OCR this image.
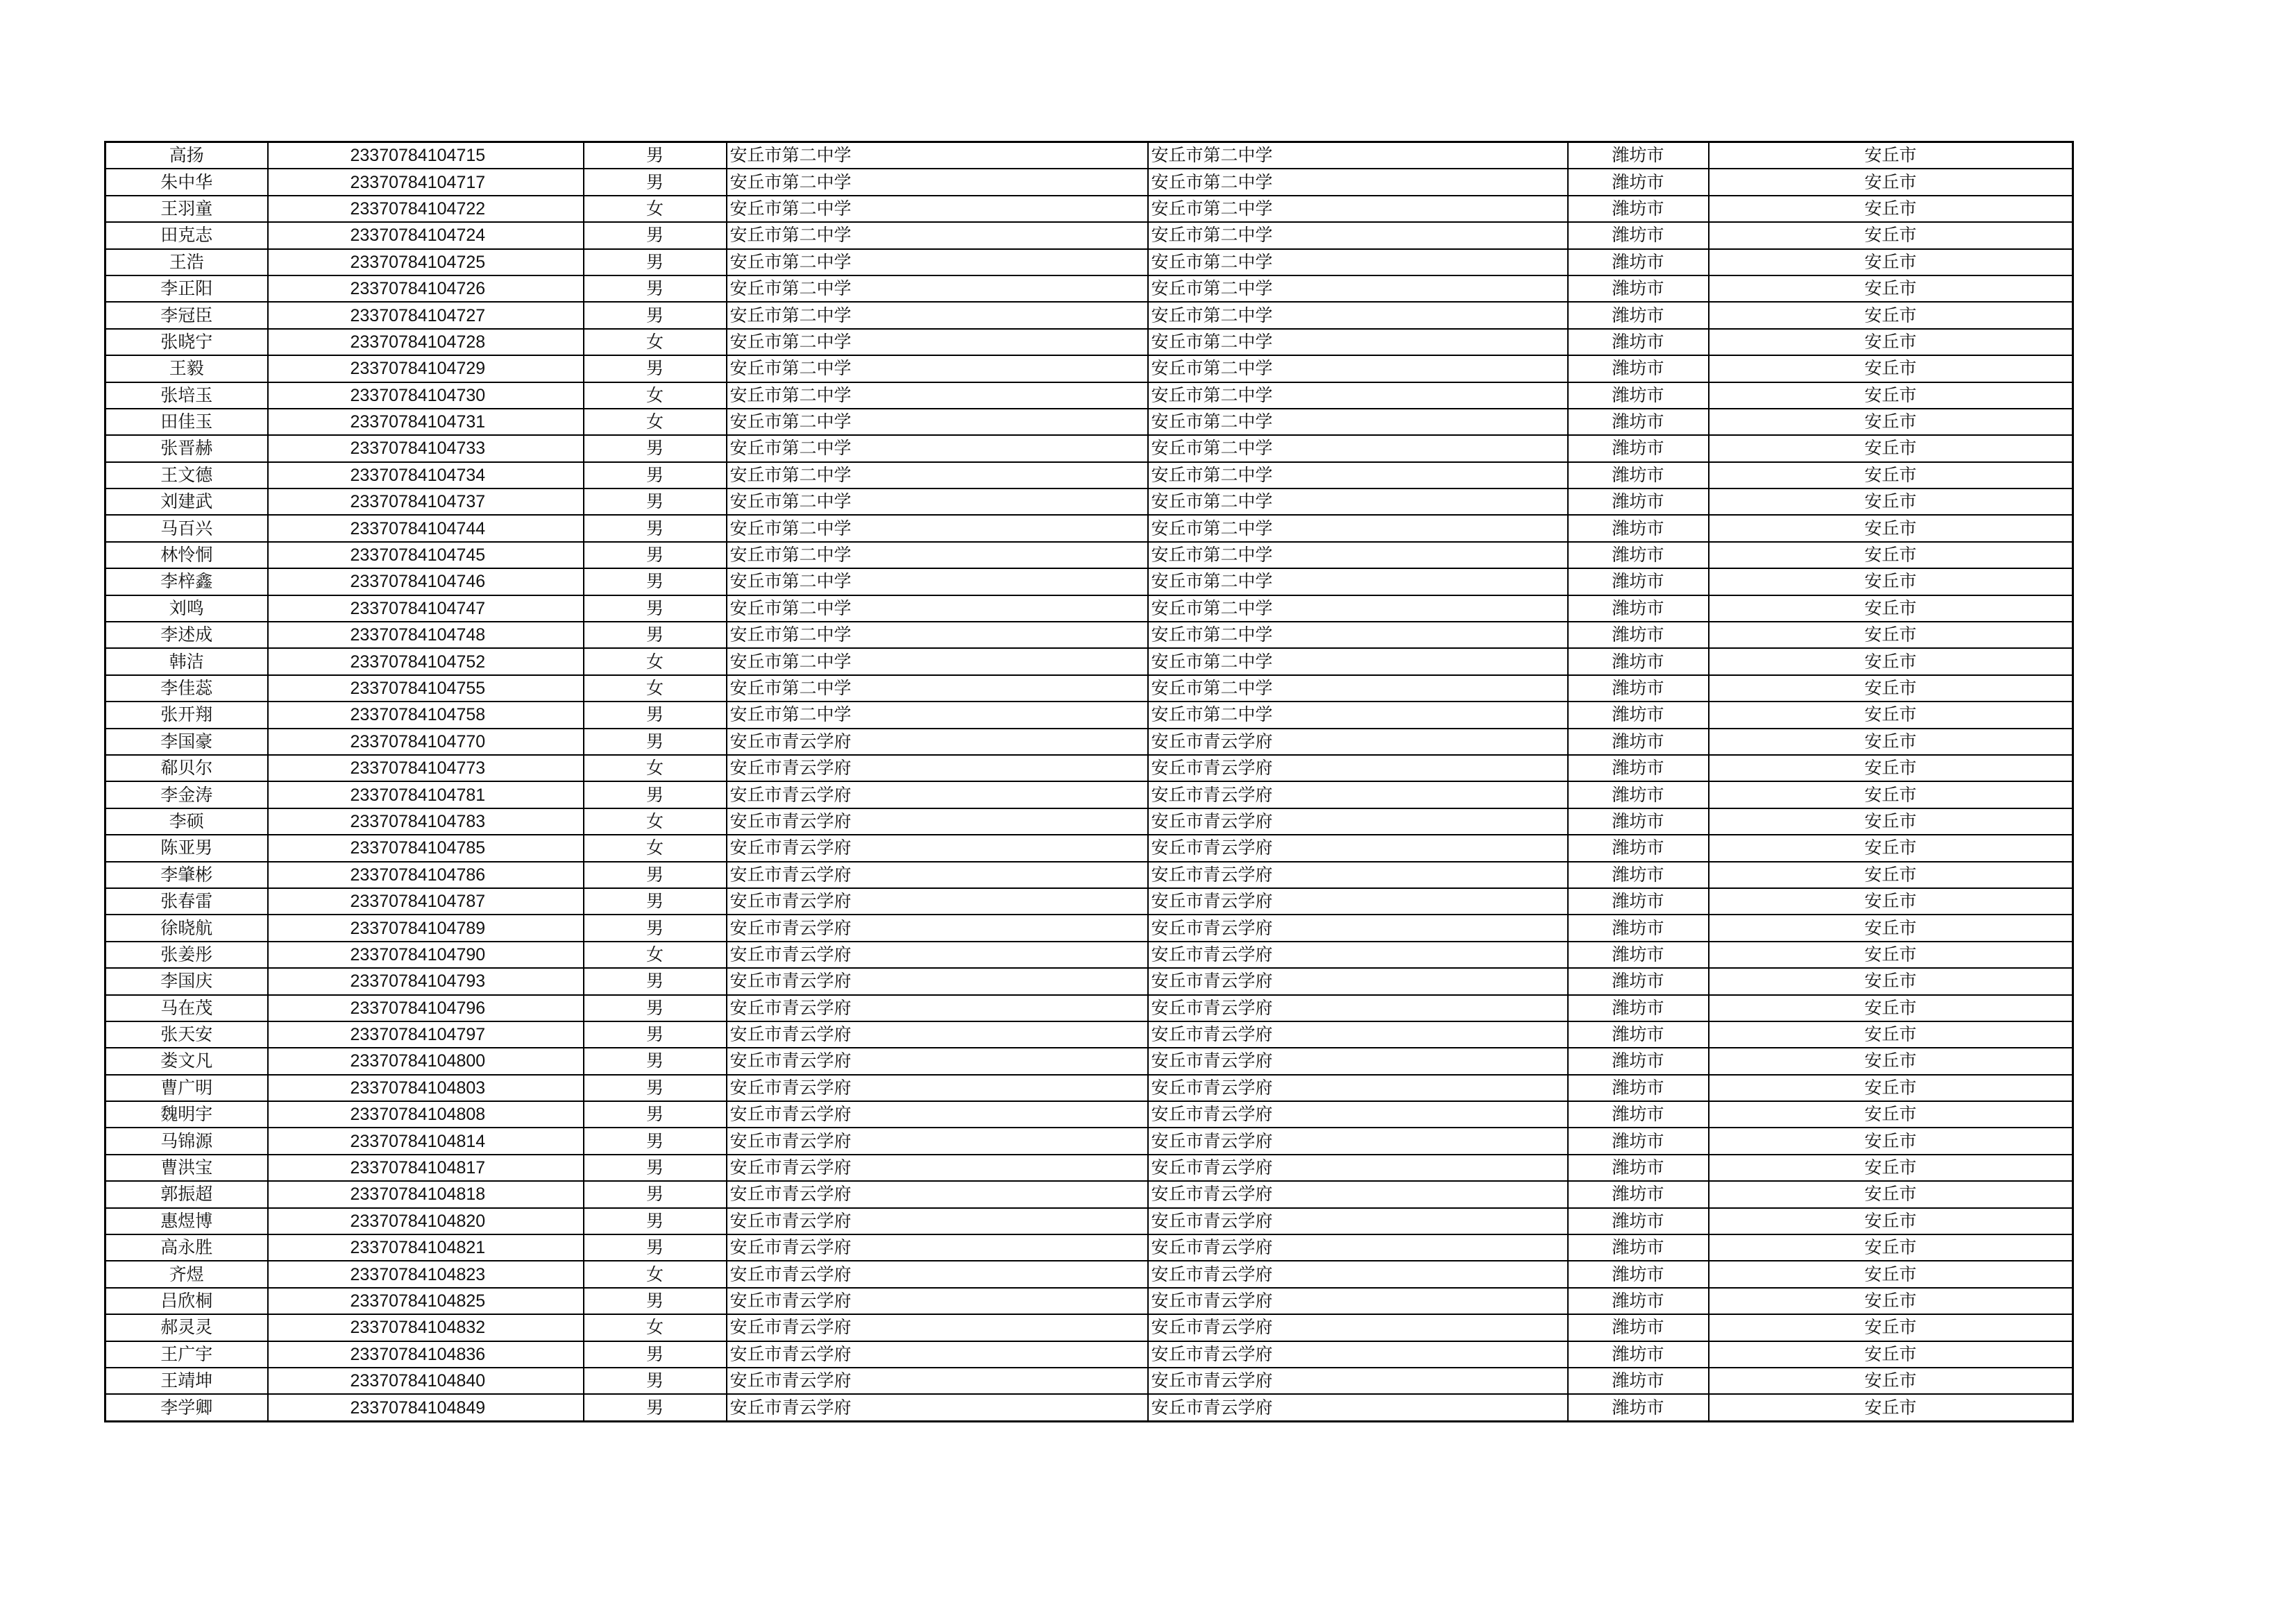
高扬	23370784104715	男	安丘市第二中学	安丘市第二中学	潍坊市	安丘市
朱中华	23370784104717	男	安丘市第二中学	安丘市第二中学	潍坊市	安丘市
王羽童	23370784104722	女	安丘市第二中学	安丘市第二中学	潍坊市	安丘市
田克志	23370784104724	男	安丘市第二中学	安丘市第二中学	潍坊市	安丘市
王浩	23370784104725	男	安丘市第二中学	安丘市第二中学	潍坊市	安丘市
李正阳	23370784104726	男	安丘市第二中学	安丘市第二中学	潍坊市	安丘市
李冠臣	23370784104727	男	安丘市第二中学	安丘市第二中学	潍坊市	安丘市
张晓宁	23370784104728	女	安丘市第二中学	安丘市第二中学	潍坊市	安丘市
王毅	23370784104729	男	安丘市第二中学	安丘市第二中学	潍坊市	安丘市
张培玉	23370784104730	女	安丘市第二中学	安丘市第二中学	潍坊市	安丘市
田佳玉	23370784104731	女	安丘市第二中学	安丘市第二中学	潍坊市	安丘市
张晋赫	23370784104733	男	安丘市第二中学	安丘市第二中学	潍坊市	安丘市
王文德	23370784104734	男	安丘市第二中学	安丘市第二中学	潍坊市	安丘市
刘建武	23370784104737	男	安丘市第二中学	安丘市第二中学	潍坊市	安丘市
马百兴	23370784104744	男	安丘市第二中学	安丘市第二中学	潍坊市	安丘市
林怜恫	23370784104745	男	安丘市第二中学	安丘市第二中学	潍坊市	安丘市
李梓鑫	23370784104746	男	安丘市第二中学	安丘市第二中学	潍坊市	安丘市
刘鸣	23370784104747	男	安丘市第二中学	安丘市第二中学	潍坊市	安丘市
李述成	23370784104748	男	安丘市第二中学	安丘市第二中学	潍坊市	安丘市
韩洁	23370784104752	女	安丘市第二中学	安丘市第二中学	潍坊市	安丘市
李佳蕊	23370784104755	女	安丘市第二中学	安丘市第二中学	潍坊市	安丘市
张开翔	23370784104758	男	安丘市第二中学	安丘市第二中学	潍坊市	安丘市
李国豪	23370784104770	男	安丘市青云学府	安丘市青云学府	潍坊市	安丘市
郗贝尔	23370784104773	女	安丘市青云学府	安丘市青云学府	潍坊市	安丘市
李金涛	23370784104781	男	安丘市青云学府	安丘市青云学府	潍坊市	安丘市
李硕	23370784104783	女	安丘市青云学府	安丘市青云学府	潍坊市	安丘市
陈亚男	23370784104785	女	安丘市青云学府	安丘市青云学府	潍坊市	安丘市
李肇彬	23370784104786	男	安丘市青云学府	安丘市青云学府	潍坊市	安丘市
张春雷	23370784104787	男	安丘市青云学府	安丘市青云学府	潍坊市	安丘市
徐晓航	23370784104789	男	安丘市青云学府	安丘市青云学府	潍坊市	安丘市
张姜彤	23370784104790	女	安丘市青云学府	安丘市青云学府	潍坊市	安丘市
李国庆	23370784104793	男	安丘市青云学府	安丘市青云学府	潍坊市	安丘市
马在茂	23370784104796	男	安丘市青云学府	安丘市青云学府	潍坊市	安丘市
张天安	23370784104797	男	安丘市青云学府	安丘市青云学府	潍坊市	安丘市
娄文凡	23370784104800	男	安丘市青云学府	安丘市青云学府	潍坊市	安丘市
曹广明	23370784104803	男	安丘市青云学府	安丘市青云学府	潍坊市	安丘市
魏明宇	23370784104808	男	安丘市青云学府	安丘市青云学府	潍坊市	安丘市
马锦源	23370784104814	男	安丘市青云学府	安丘市青云学府	潍坊市	安丘市
曹洪宝	23370784104817	男	安丘市青云学府	安丘市青云学府	潍坊市	安丘市
郭振超	23370784104818	男	安丘市青云学府	安丘市青云学府	潍坊市	安丘市
惠煜博	23370784104820	男	安丘市青云学府	安丘市青云学府	潍坊市	安丘市
高永胜	23370784104821	男	安丘市青云学府	安丘市青云学府	潍坊市	安丘市
齐煜	23370784104823	女	安丘市青云学府	安丘市青云学府	潍坊市	安丘市
吕欣桐	23370784104825	男	安丘市青云学府	安丘市青云学府	潍坊市	安丘市
郝灵灵	23370784104832	女	安丘市青云学府	安丘市青云学府	潍坊市	安丘市
王广宇	23370784104836	男	安丘市青云学府	安丘市青云学府	潍坊市	安丘市
王靖坤	23370784104840	男	安丘市青云学府	安丘市青云学府	潍坊市	安丘市
李学卿	23370784104849	男	安丘市青云学府	安丘市青云学府	潍坊市	安丘市
